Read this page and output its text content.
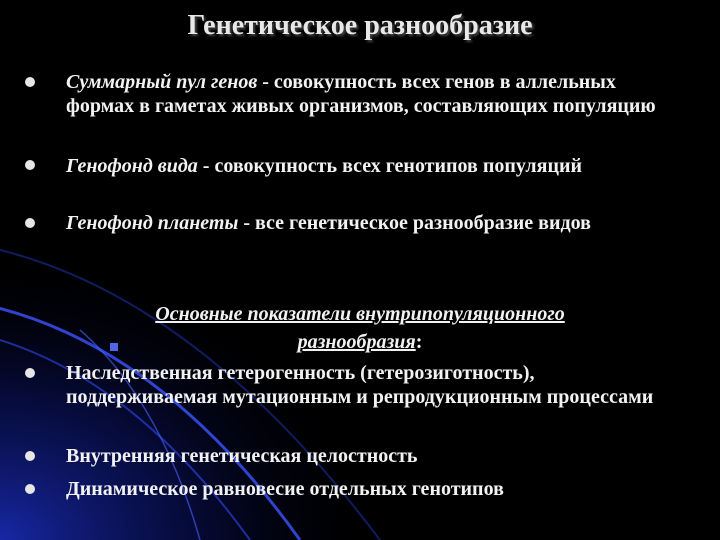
Генетическое разнообразие
Суммарный пул генов - совокупность всех генов в аллельных формах в гаметах живых организмов, составляющих популяцию
Генофонд вида - совокупность всех генотипов популяций
Генофонд планеты - все генетическое разнообразие видов
Основные показатели внутрипопуляционного
разнообразия:
Наследственная гетерогенность (гетерозиготность), поддерживаемая мутационным и репродукционным процессами
Внутренняя генетическая целостность
Динамическое равновесие отдельных генотипов
